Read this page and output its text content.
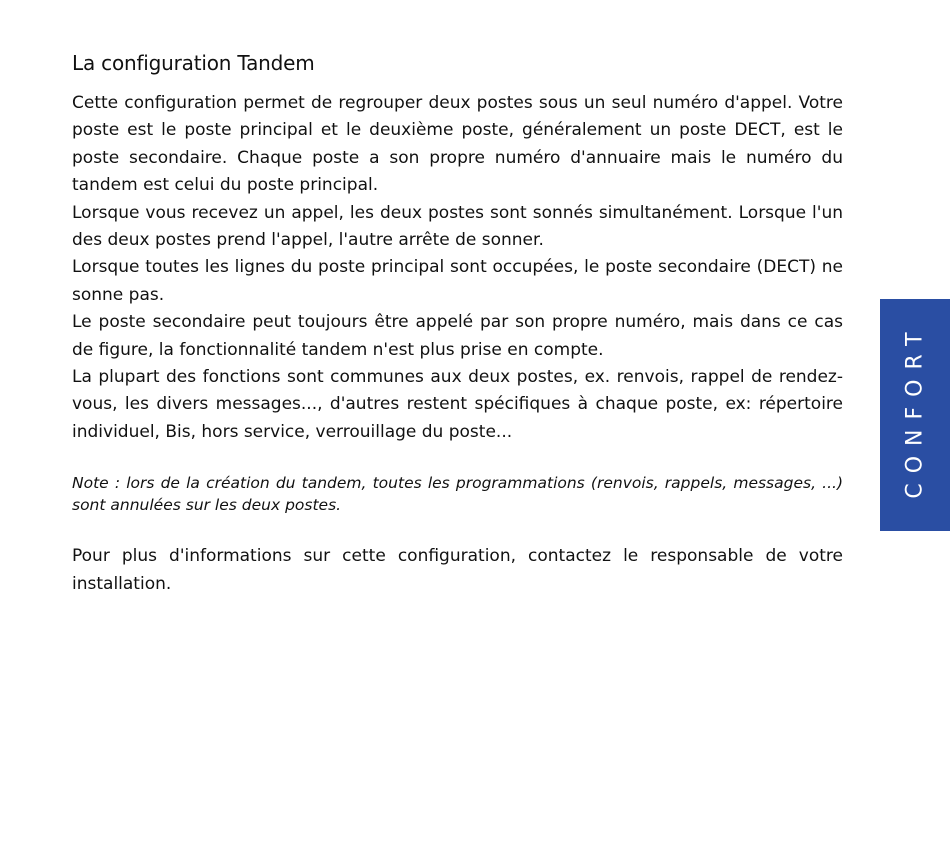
La configuration Tandem

Cette configuration permet de regrouper deux postes sous un seul numéro d'appel. Votre poste est le poste principal et le deuxième poste, généralement un poste DECT, est le poste secondaire. Chaque poste a son propre numéro d'annuaire mais le numéro du tandem est celui du poste principal.

Lorsque vous recevez un appel, les deux postes sont sonnés simultanément. Lorsque l'un des deux postes prend l'appel, l'autre arrête de sonner.

Lorsque toutes les lignes du poste principal sont occupées, le poste secondaire (DECT) ne sonne pas.

Le poste secondaire peut toujours être appelé par son propre numéro, mais dans ce cas de figure, la fonctionnalité tandem n'est plus prise en compte.

La plupart des fonctions sont communes aux deux postes, ex. renvois, rappel de rendez-vous, les divers messages..., d'autres restent spécifiques à chaque poste, ex: répertoire individuel, Bis, hors service, verrouillage du poste...

Note : lors de la création du tandem, toutes les programmations (renvois, rappels, messages, ...) sont annulées sur les deux postes.

Pour plus d'informations sur cette configuration, contactez le responsable de votre installation.

CONFORT
